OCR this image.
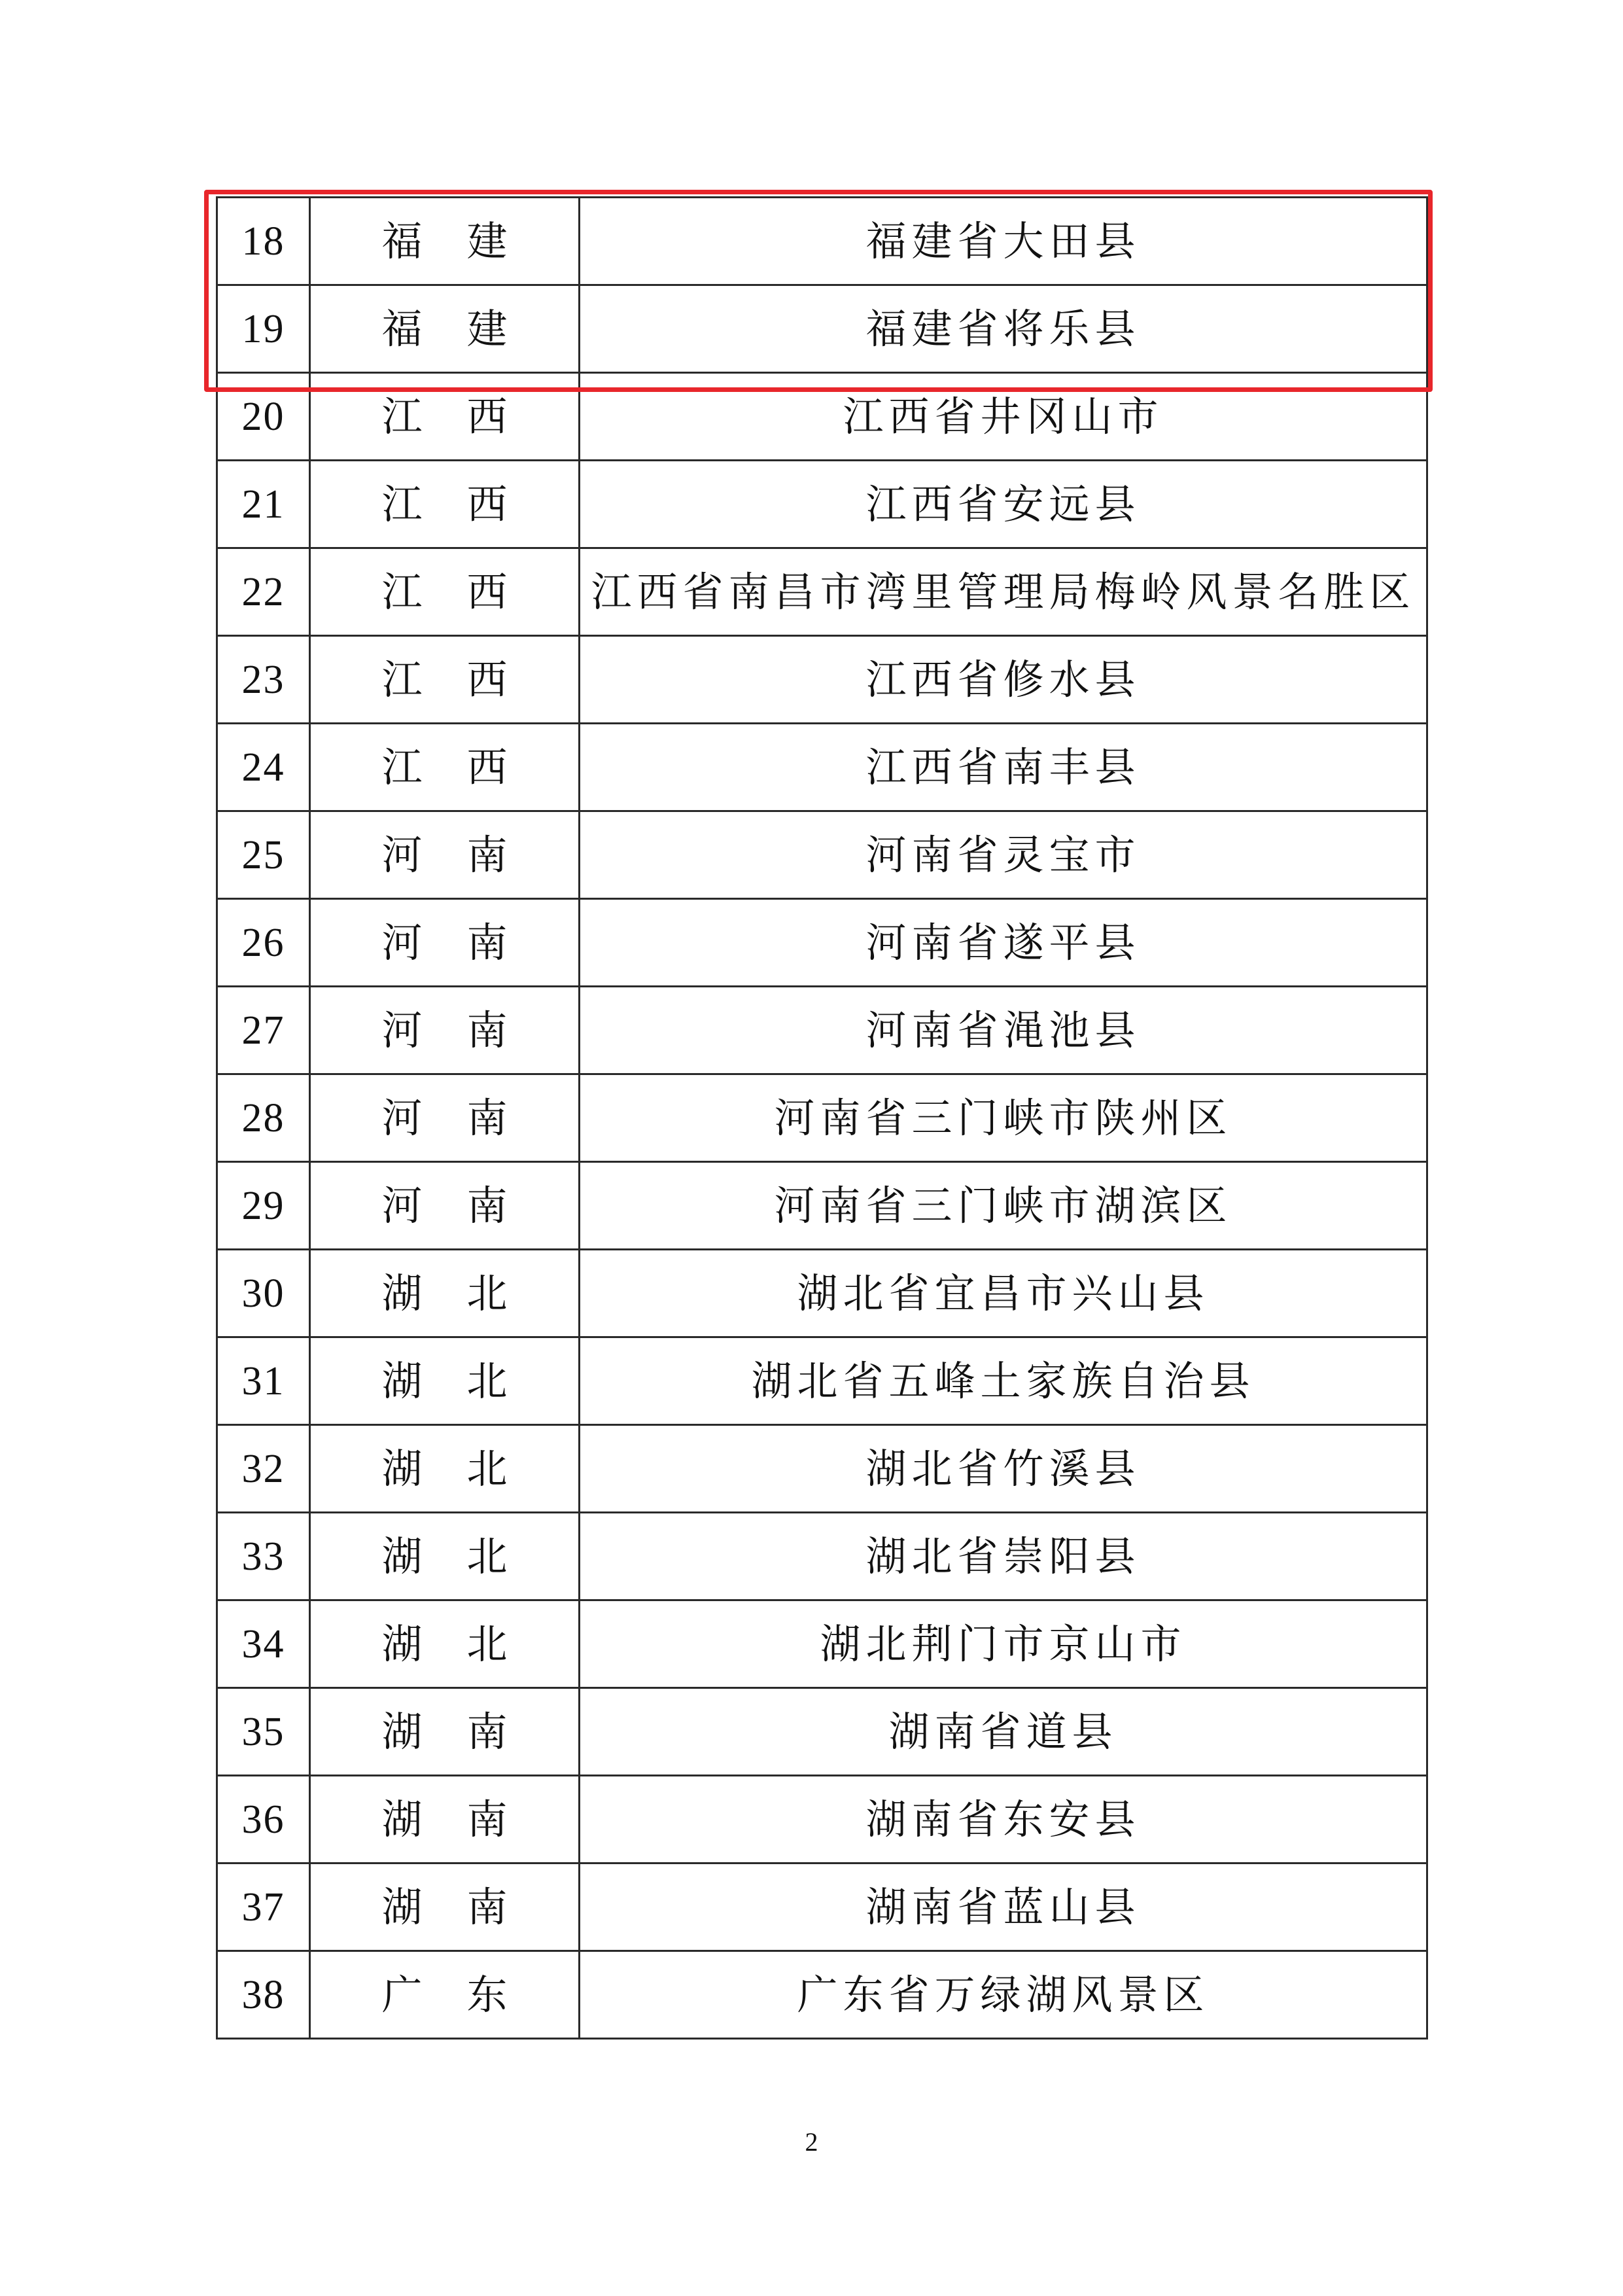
18	福建	福建省大田县
19	福建	福建省将乐县
20	江西	江西省井冈山市
21	江西	江西省安远县
22	江西	江西省南昌市湾里管理局梅岭风景名胜区
23	江西	江西省修水县
24	江西	江西省南丰县
25	河南	河南省灵宝市
26	河南	河南省遂平县
27	河南	河南省渑池县
28	河南	河南省三门峡市陕州区
29	河南	河南省三门峡市湖滨区
30	湖北	湖北省宜昌市兴山县
31	湖北	湖北省五峰土家族自治县
32	湖北	湖北省竹溪县
33	湖北	湖北省崇阳县
34	湖北	湖北荆门市京山市
35	湖南	湖南省道县
36	湖南	湖南省东安县
37	湖南	湖南省蓝山县
38	广东	广东省万绿湖风景区
2
